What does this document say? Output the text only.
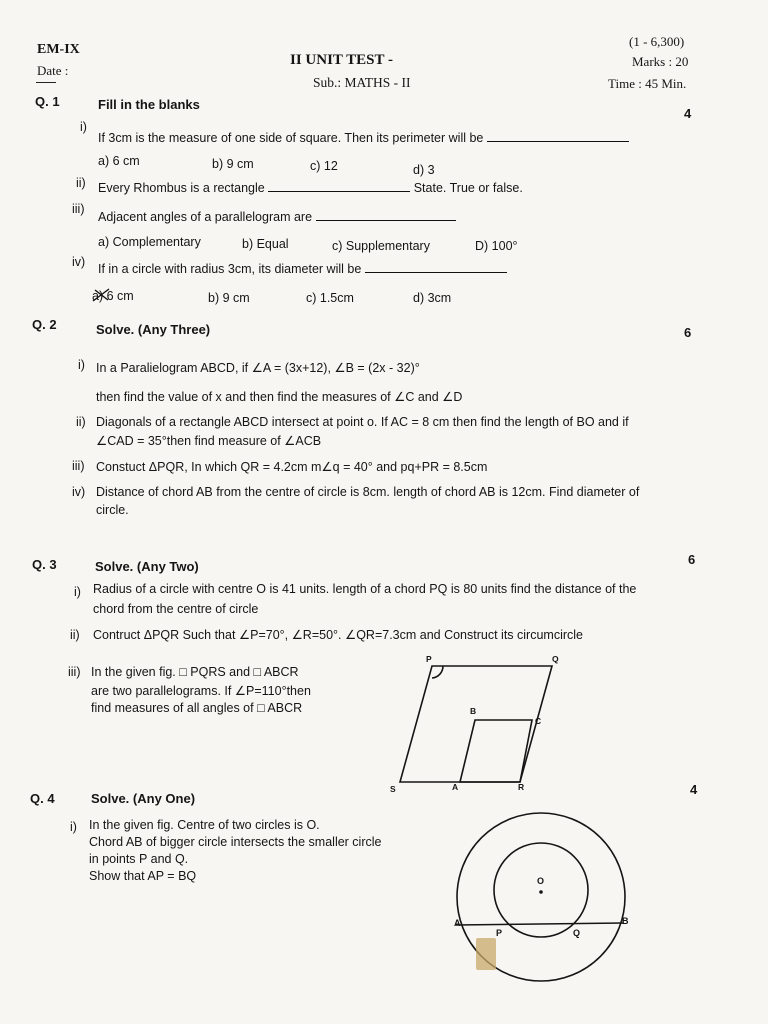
EM-IX
Date :
II UNIT TEST -
Sub.: MATHS - II
(1 - 6,300)
Marks : 20
Time : 45 Min.
Q. 1	Fill in the blanks
4
i)
If 3cm is the measure of one side of square. Then its perimeter will be
a) 6 cm	b) 9 cm	c) 12	d) 3
ii) Every Rhombus is a rectangle	State. True or false.
iii)
Adjacent angles of a parallelogram are
a) Complementary	b) Equal	c) Supplementary	D) 100°
iv) If in a circle with radius 3cm, its diameter will be
a) 6 cm	b) 9 cm	c) 1.5cm	d) 3cm
Q. 2	Solve. (Any Three)	6
i) In a Paralielogram ABCD, if ∠A = (3x+12), ∠B = (2x - 32)°
then find the value of x and then find the measures of ∠C and ∠D
ii) Diagonals of a rectangle ABCD intersect at point o. If AC = 8 cm then find the length of BO and if
∠CAD = 35°then find measure of ∠ACB
iii) Constuct ΔPQR, In which QR = 4.2cm m∠q = 40° and pq+PR = 8.5cm
iv) Distance of chord AB from the centre of circle is 8cm. length of chord AB is 12cm. Find diameter of
circle.
Q. 3	Solve. (Any Two)	6
i) Radius of a circle with centre O is 41 units. length of a chord PQ is 80 units find the distance of the
chord from the centre of circle
ii) Contruct ΔPQR Such that ∠P=70°, ∠R=50°. ∠QR=7.3cm and Construct its circumcircle
iii) In the given fig. □ PQRS and □ ABCR
are two parallelograms. If ∠P=110°then
find measures of all angles of □ ABCR
P	Q
B
C
S	A	R
Q. 4	Solve. (Any One)
4
i) In the given fig. Centre of two circles is O.
Chord AB of bigger circle intersects the smaller circle
in points P and Q.
Show that AP = BQ	O
A	B
P	Q
